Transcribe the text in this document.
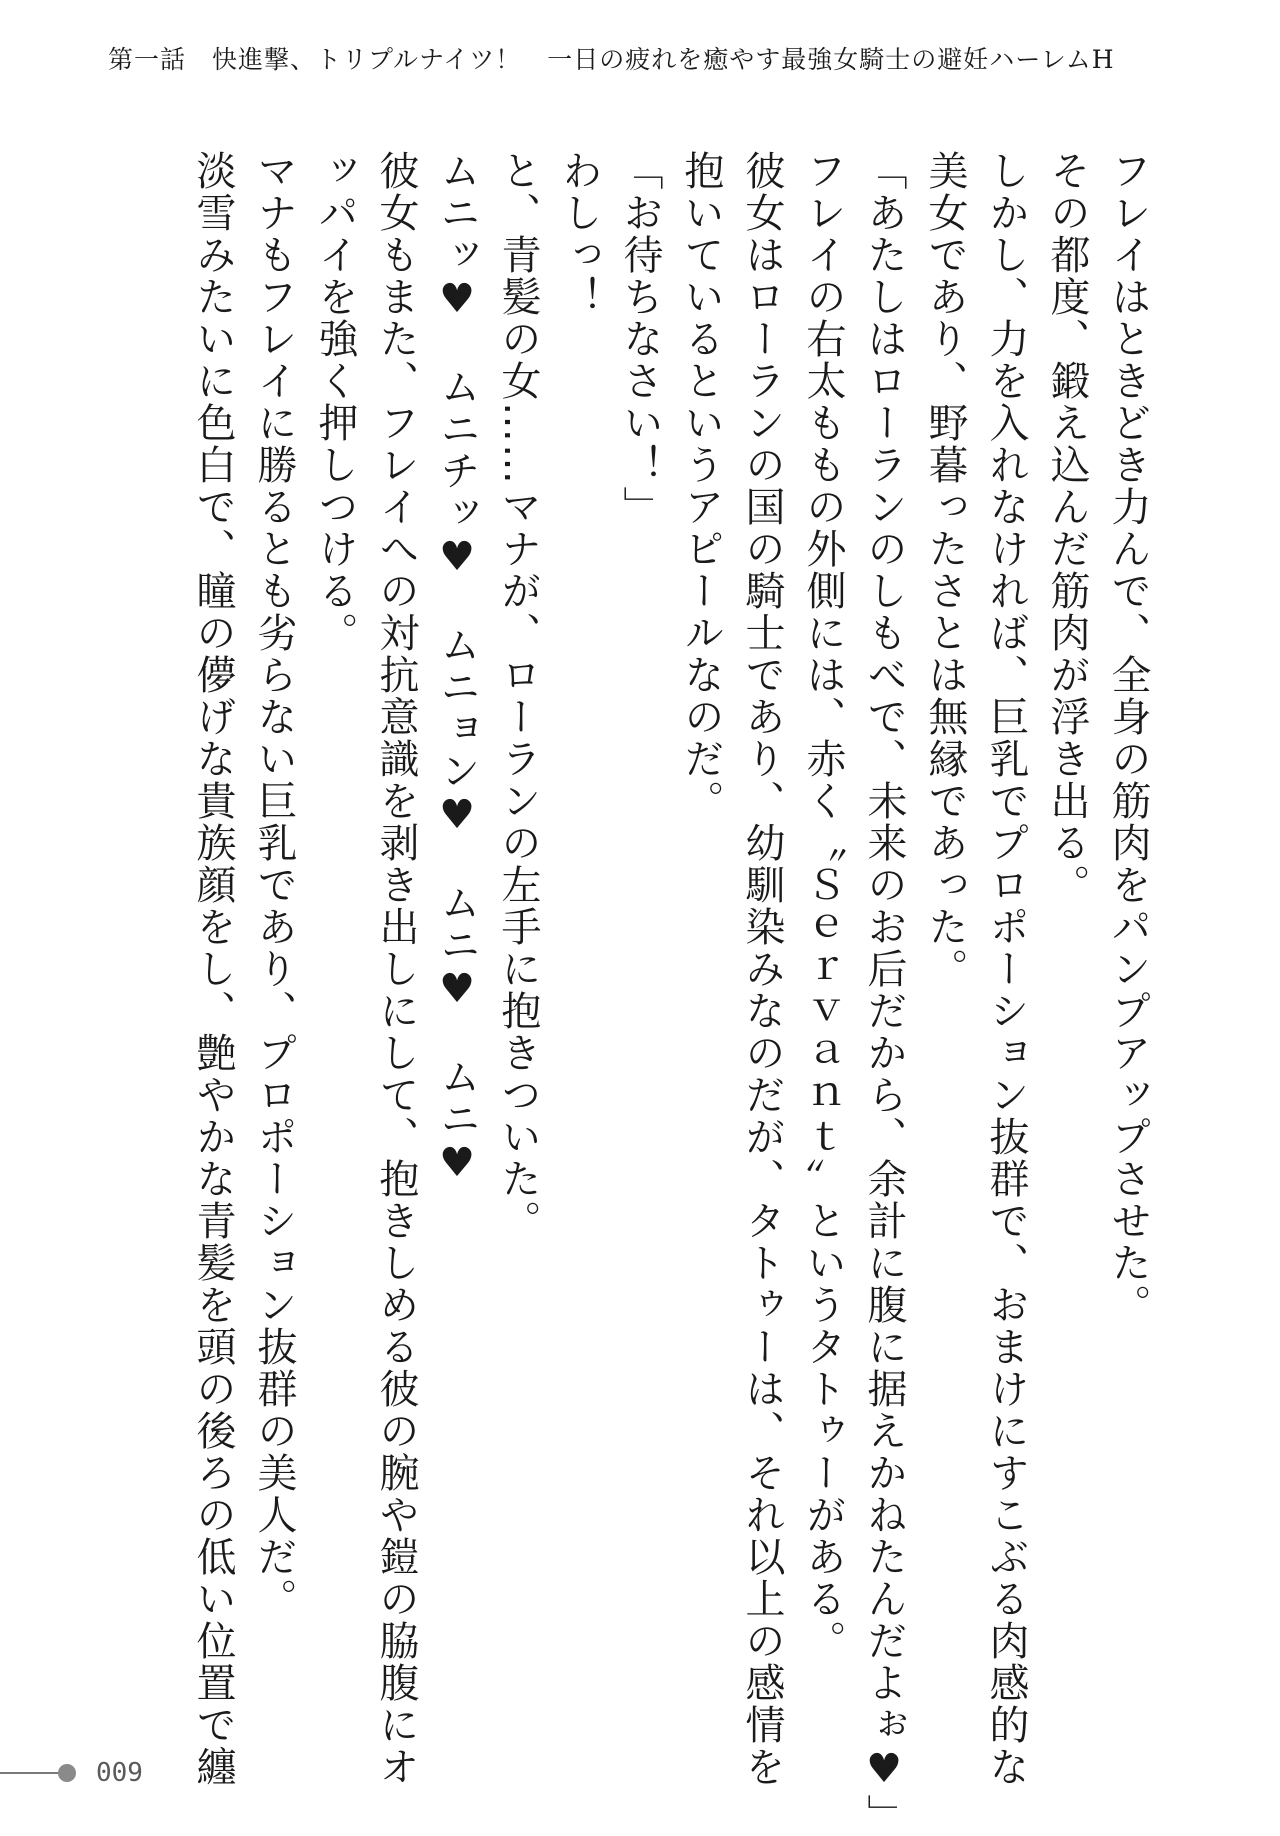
第一話　快進撃、トリプルナイツ！　一日の疲れを癒やす最強女騎士の避妊ハーレムH
フレイはときどき力んで、全身の筋肉をパンプアップさせた。
その都度、鍛え込んだ筋肉が浮き出る。
しかし、力を入れなければ、巨乳でプロポーション抜群で、おまけにすこぶる肉感的な
美女であり、野暮ったさとは無縁であった。
「あたしはローランのしもべで、未来のお后だから、余計に腹に据えかねたんだよぉ♥」
フレイの右太ももの外側には、赤く〝Ｓｅｒｖａｎｔ〟というタトゥーがある。
彼女はローランの国の騎士であり、幼馴染みなのだが、タトゥーは、それ以上の感情を
抱いているというアピールなのだ。
「お待ちなさい！」
わしっ！
と、青髪の女……マナが、ローランの左手に抱きついた。
ムニッ♥　ムニチッ♥　ムニョン♥　ムニ♥　ムニ♥
彼女もまた、フレイへの対抗意識を剥き出しにして、抱きしめる彼の腕や鎧の脇腹にオ
ッパイを強く押しつける。
マナもフレイに勝るとも劣らない巨乳であり、プロポーション抜群の美人だ。
淡雪みたいに色白で、瞳の儚げな貴族顔をし、艶やかな青髪を頭の後ろの低い位置で纏
009
